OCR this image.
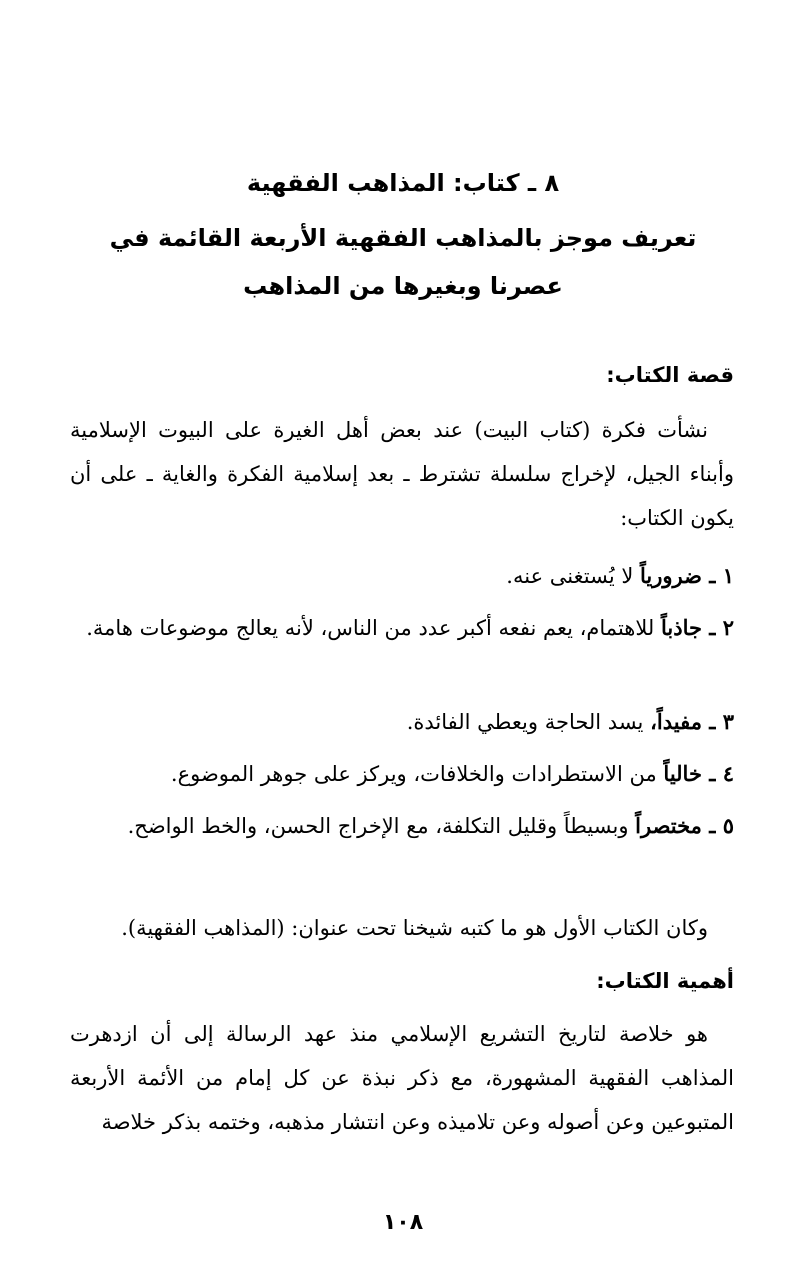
٨ ـ كتاب: المذاهب الفقهية
تعريف موجز بالمذاهب الفقهية الأربعة القائمة في عصرنا وبغيرها من المذاهب
قصة الكتاب:
نشأت فكرة (كتاب البيت) عند بعض أهل الغيرة على البيوت الإسلامية وأبناء الجيل، لإخراج سلسلة تشترط ـ بعد إسلامية الفكرة والغاية ـ على أن يكون الكتاب:
١ ـ ضرورياً لا يُستغنى عنه.
٢ ـ جاذباً للاهتمام، يعم نفعه أكبر عدد من الناس، لأنه يعالج موضوعات هامة.
٣ ـ مفيداً، يسد الحاجة ويعطي الفائدة.
٤ ـ خالياً من الاستطرادات والخلافات، ويركز على جوهر الموضوع.
٥ ـ مختصراً وبسيطاً وقليل التكلفة، مع الإخراج الحسن، والخط الواضح.
وكان الكتاب الأول هو ما كتبه شيخنا تحت عنوان: (المذاهب الفقهية).
أهمية الكتاب:
هو خلاصة لتاريخ التشريع الإسلامي منذ عهد الرسالة إلى أن ازدهرت المذاهب الفقهية المشهورة، مع ذكر نبذة عن كل إمام من الأئمة الأربعة المتبوعين وعن أصوله وعن تلاميذه وعن انتشار مذهبه، وختمه بذكر خلاصة
١٠٨
